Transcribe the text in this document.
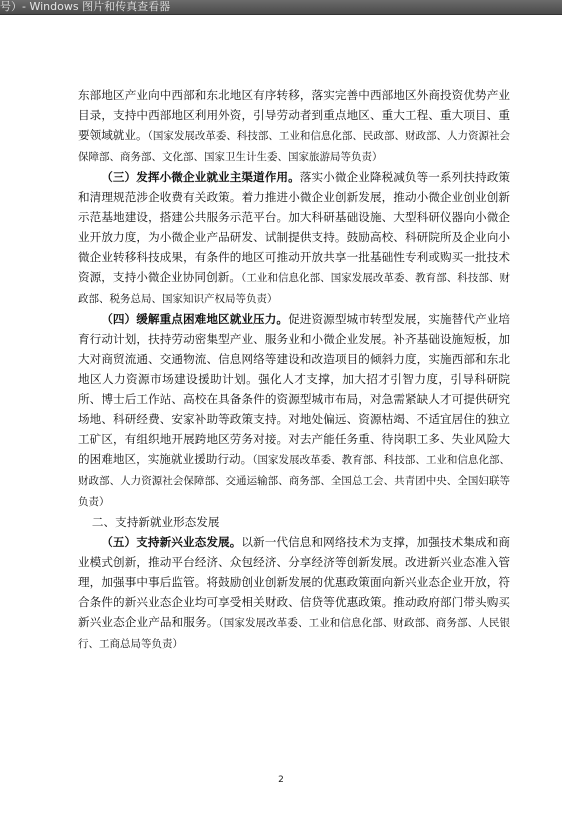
号）- Windows 图片和传真查看器

东部地区产业向中西部和东北地区有序转移，落实完善中西部地区外商投资优势产业目录，支持中西部地区利用外资，引导劳动者到重点地区、重大工程、重大项目、重要领域就业。（国家发展改革委、科技部、工业和信息化部、民政部、财政部、人力资源社会保障部、商务部、文化部、国家卫生计生委、国家旅游局等负责）

（三）发挥小微企业就业主渠道作用。落实小微企业降税减负等一系列扶持政策和清理规范涉企收费有关政策。着力推进小微企业创新发展，推动小微企业创业创新示范基地建设，搭建公共服务示范平台。加大科研基础设施、大型科研仪器向小微企业开放力度，为小微企业产品研发、试制提供支持。鼓励高校、科研院所及企业向小微企业转移科技成果，有条件的地区可推动开放共享一批基础性专利或购买一批技术资源，支持小微企业协同创新。（工业和信息化部、国家发展改革委、教育部、科技部、财政部、税务总局、国家知识产权局等负责）

（四）缓解重点困难地区就业压力。促进资源型城市转型发展，实施替代产业培育行动计划，扶持劳动密集型产业、服务业和小微企业发展。补齐基础设施短板，加大对商贸流通、交通物流、信息网络等建设和改造项目的倾斜力度，实施西部和东北地区人力资源市场建设援助计划。强化人才支撑，加大招才引智力度，引导科研院所、博士后工作站、高校在具备条件的资源型城市布局，对急需紧缺人才可提供研究场地、科研经费、安家补助等政策支持。对地处偏远、资源枯竭、不适宜居住的独立工矿区，有组织地开展跨地区劳务对接。对去产能任务重、待岗职工多、失业风险大的困难地区，实施就业援助行动。（国家发展改革委、教育部、科技部、工业和信息化部、财政部、人力资源社会保障部、交通运输部、商务部、全国总工会、共青团中央、全国妇联等负责）

二、支持新就业形态发展

（五）支持新兴业态发展。以新一代信息和网络技术为支撑，加强技术集成和商业模式创新，推动平台经济、众包经济、分享经济等创新发展。改进新兴业态准入管理，加强事中事后监管。将鼓励创业创新发展的优惠政策面向新兴业态企业开放，符合条件的新兴业态企业均可享受相关财政、信贷等优惠政策。推动政府部门带头购买新兴业态企业产品和服务。（国家发展改革委、工业和信息化部、财政部、商务部、人民银行、工商总局等负责）

2
